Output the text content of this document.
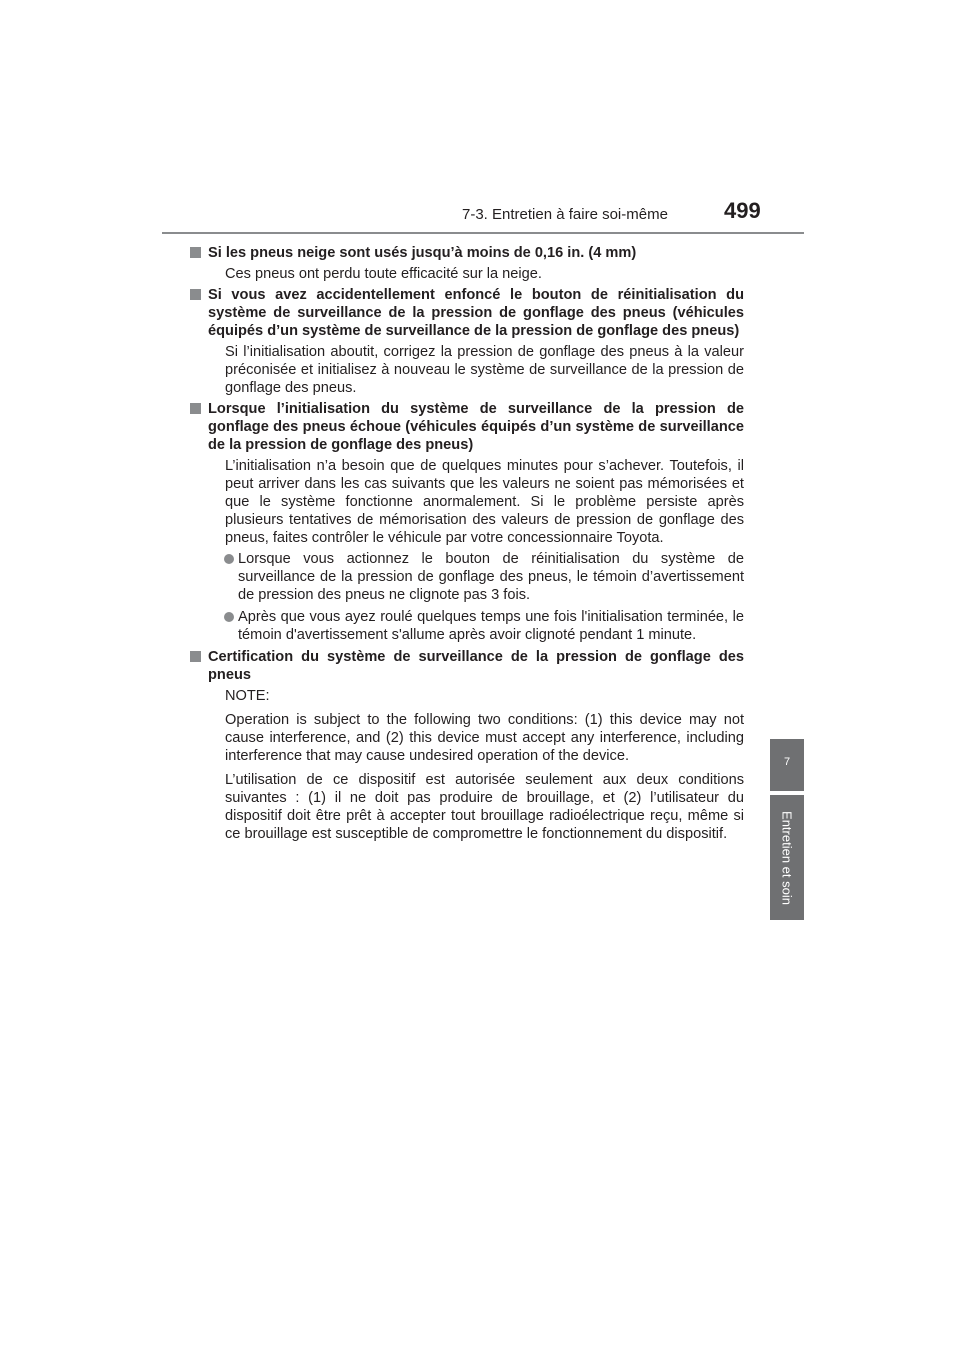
7-3. Entretien à faire soi-même	499
7
Entretien et soin
Si les pneus neige sont usés jusqu’à moins de 0,16 in. (4 mm)

Ces pneus ont perdu toute efficacité sur la neige.

Si vous avez accidentellement enfoncé le bouton de réinitialisation du système de surveillance de la pression de gonflage des pneus (véhicules équipés d’un système de surveillance de la pression de gonflage des pneus)

Si l’initialisation aboutit, corrigez la pression de gonflage des pneus à la valeur préconisée et initialisez à nouveau le système de surveillance de la pression de gonflage des pneus.

Lorsque l’initialisation du système de surveillance de la pression de gonflage des pneus échoue (véhicules équipés d’un système de surveillance de la pression de gonflage des pneus)

L’initialisation n’a besoin que de quelques minutes pour s’achever. Toutefois, il peut arriver dans les cas suivants que les valeurs ne soient pas mémorisées et que le système fonctionne anormalement. Si le problème persiste après plusieurs tentatives de mémorisation des valeurs de pression de gonflage des pneus, faites contrôler le véhicule par votre concessionnaire Toyota.

Lorsque vous actionnez le bouton de réinitialisation du système de surveillance de la pression de gonflage des pneus, le témoin d’avertissement de pression des pneus ne clignote pas 3 fois.
Après que vous ayez roulé quelques temps une fois l'initialisation terminée, le témoin d'avertissement s'allume après avoir clignoté pendant 1 minute.
Certification du système de surveillance de la pression de gonflage des pneus

NOTE:

Operation is subject to the following two conditions: (1) this device may not cause interference, and (2) this device must accept any interference, including interference that may cause undesired operation of the device.

L’utilisation de ce dispositif est autorisée seulement aux deux conditions suivantes : (1) il ne doit pas produire de brouillage, et (2) l’utilisateur du dispositif doit être prêt à accepter tout brouillage radioélectrique reçu, même si ce brouillage est susceptible de compromettre le fonctionnement du dispositif.
